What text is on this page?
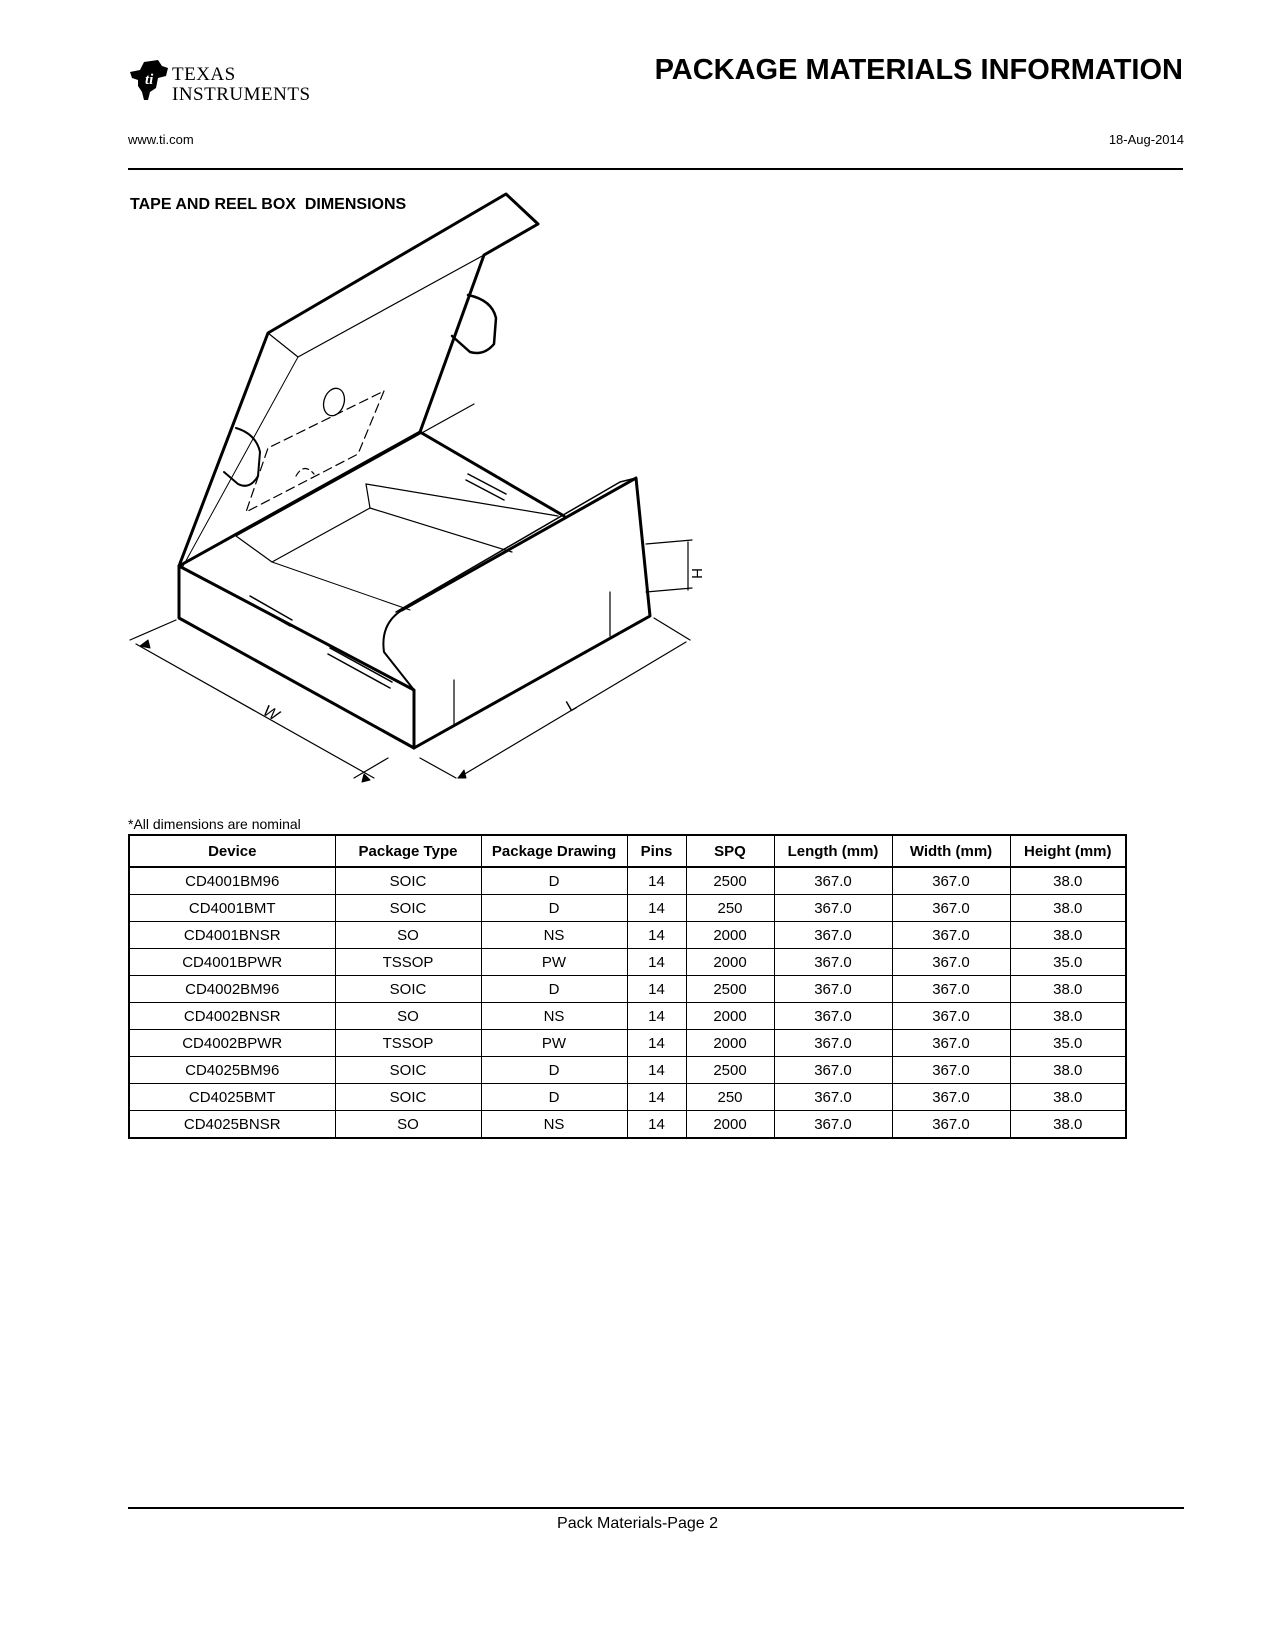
ti TEXAS
INSTRUMENTS
PACKAGE MATERIALS INFORMATION
www.ti.com	18-Aug-2014
TAPE AND REEL BOX  DIMENSIONS
W	L
H
*All dimensions are nominal
Device	Package Type	Package Drawing	Pins	SPQ	Length (mm)	Width (mm)	Height (mm)
CD4001BM96	SOIC	D	14	2500	367.0	367.0	38.0
CD4001BMT	SOIC	D	14	250	367.0	367.0	38.0
CD4001BNSR	SO	NS	14	2000	367.0	367.0	38.0
CD4001BPWR	TSSOP	PW	14	2000	367.0	367.0	35.0
CD4002BM96	SOIC	D	14	2500	367.0	367.0	38.0
CD4002BNSR	SO	NS	14	2000	367.0	367.0	38.0
CD4002BPWR	TSSOP	PW	14	2000	367.0	367.0	35.0
CD4025BM96	SOIC	D	14	2500	367.0	367.0	38.0
CD4025BMT	SOIC	D	14	250	367.0	367.0	38.0
CD4025BNSR	SO	NS	14	2000	367.0	367.0	38.0
Pack Materials-Page 2
